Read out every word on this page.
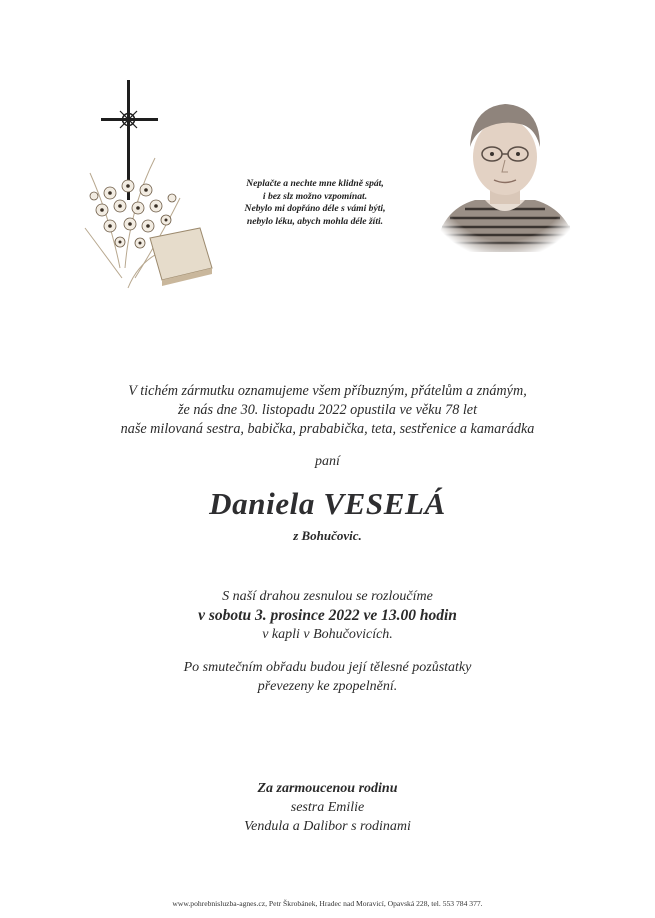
Neplačte a nechte mne klidně spát,
i bez slz možno vzpomínat.
Nebylo mi dopřáno déle s vámi býti,
nebylo léku, abych mohla déle žíti.
V tichém zármutku oznamujeme všem příbuzným, přátelům a známým,
že nás dne 30. listopadu 2022 opustila ve věku 78 let
naše milovaná sestra, babička, prababička, teta, sestřenice a kamarádka
paní
Daniela VESELÁ
z Bohučovic.
S naší drahou zesnulou se rozloučíme
v sobotu 3. prosince 2022 ve 13.00 hodin
v kapli v Bohučovicích.
Po smutečním obřadu budou její tělesné pozůstatky
převezeny ke zpopelnění.
Za zarmoucenou rodinu
sestra Emilie
Vendula a Dalibor s rodinami
www.pohrebnisluzba-agnes.cz, Petr Škrobánek, Hradec nad Moravicí, Opavská 228, tel. 553 784 377.
